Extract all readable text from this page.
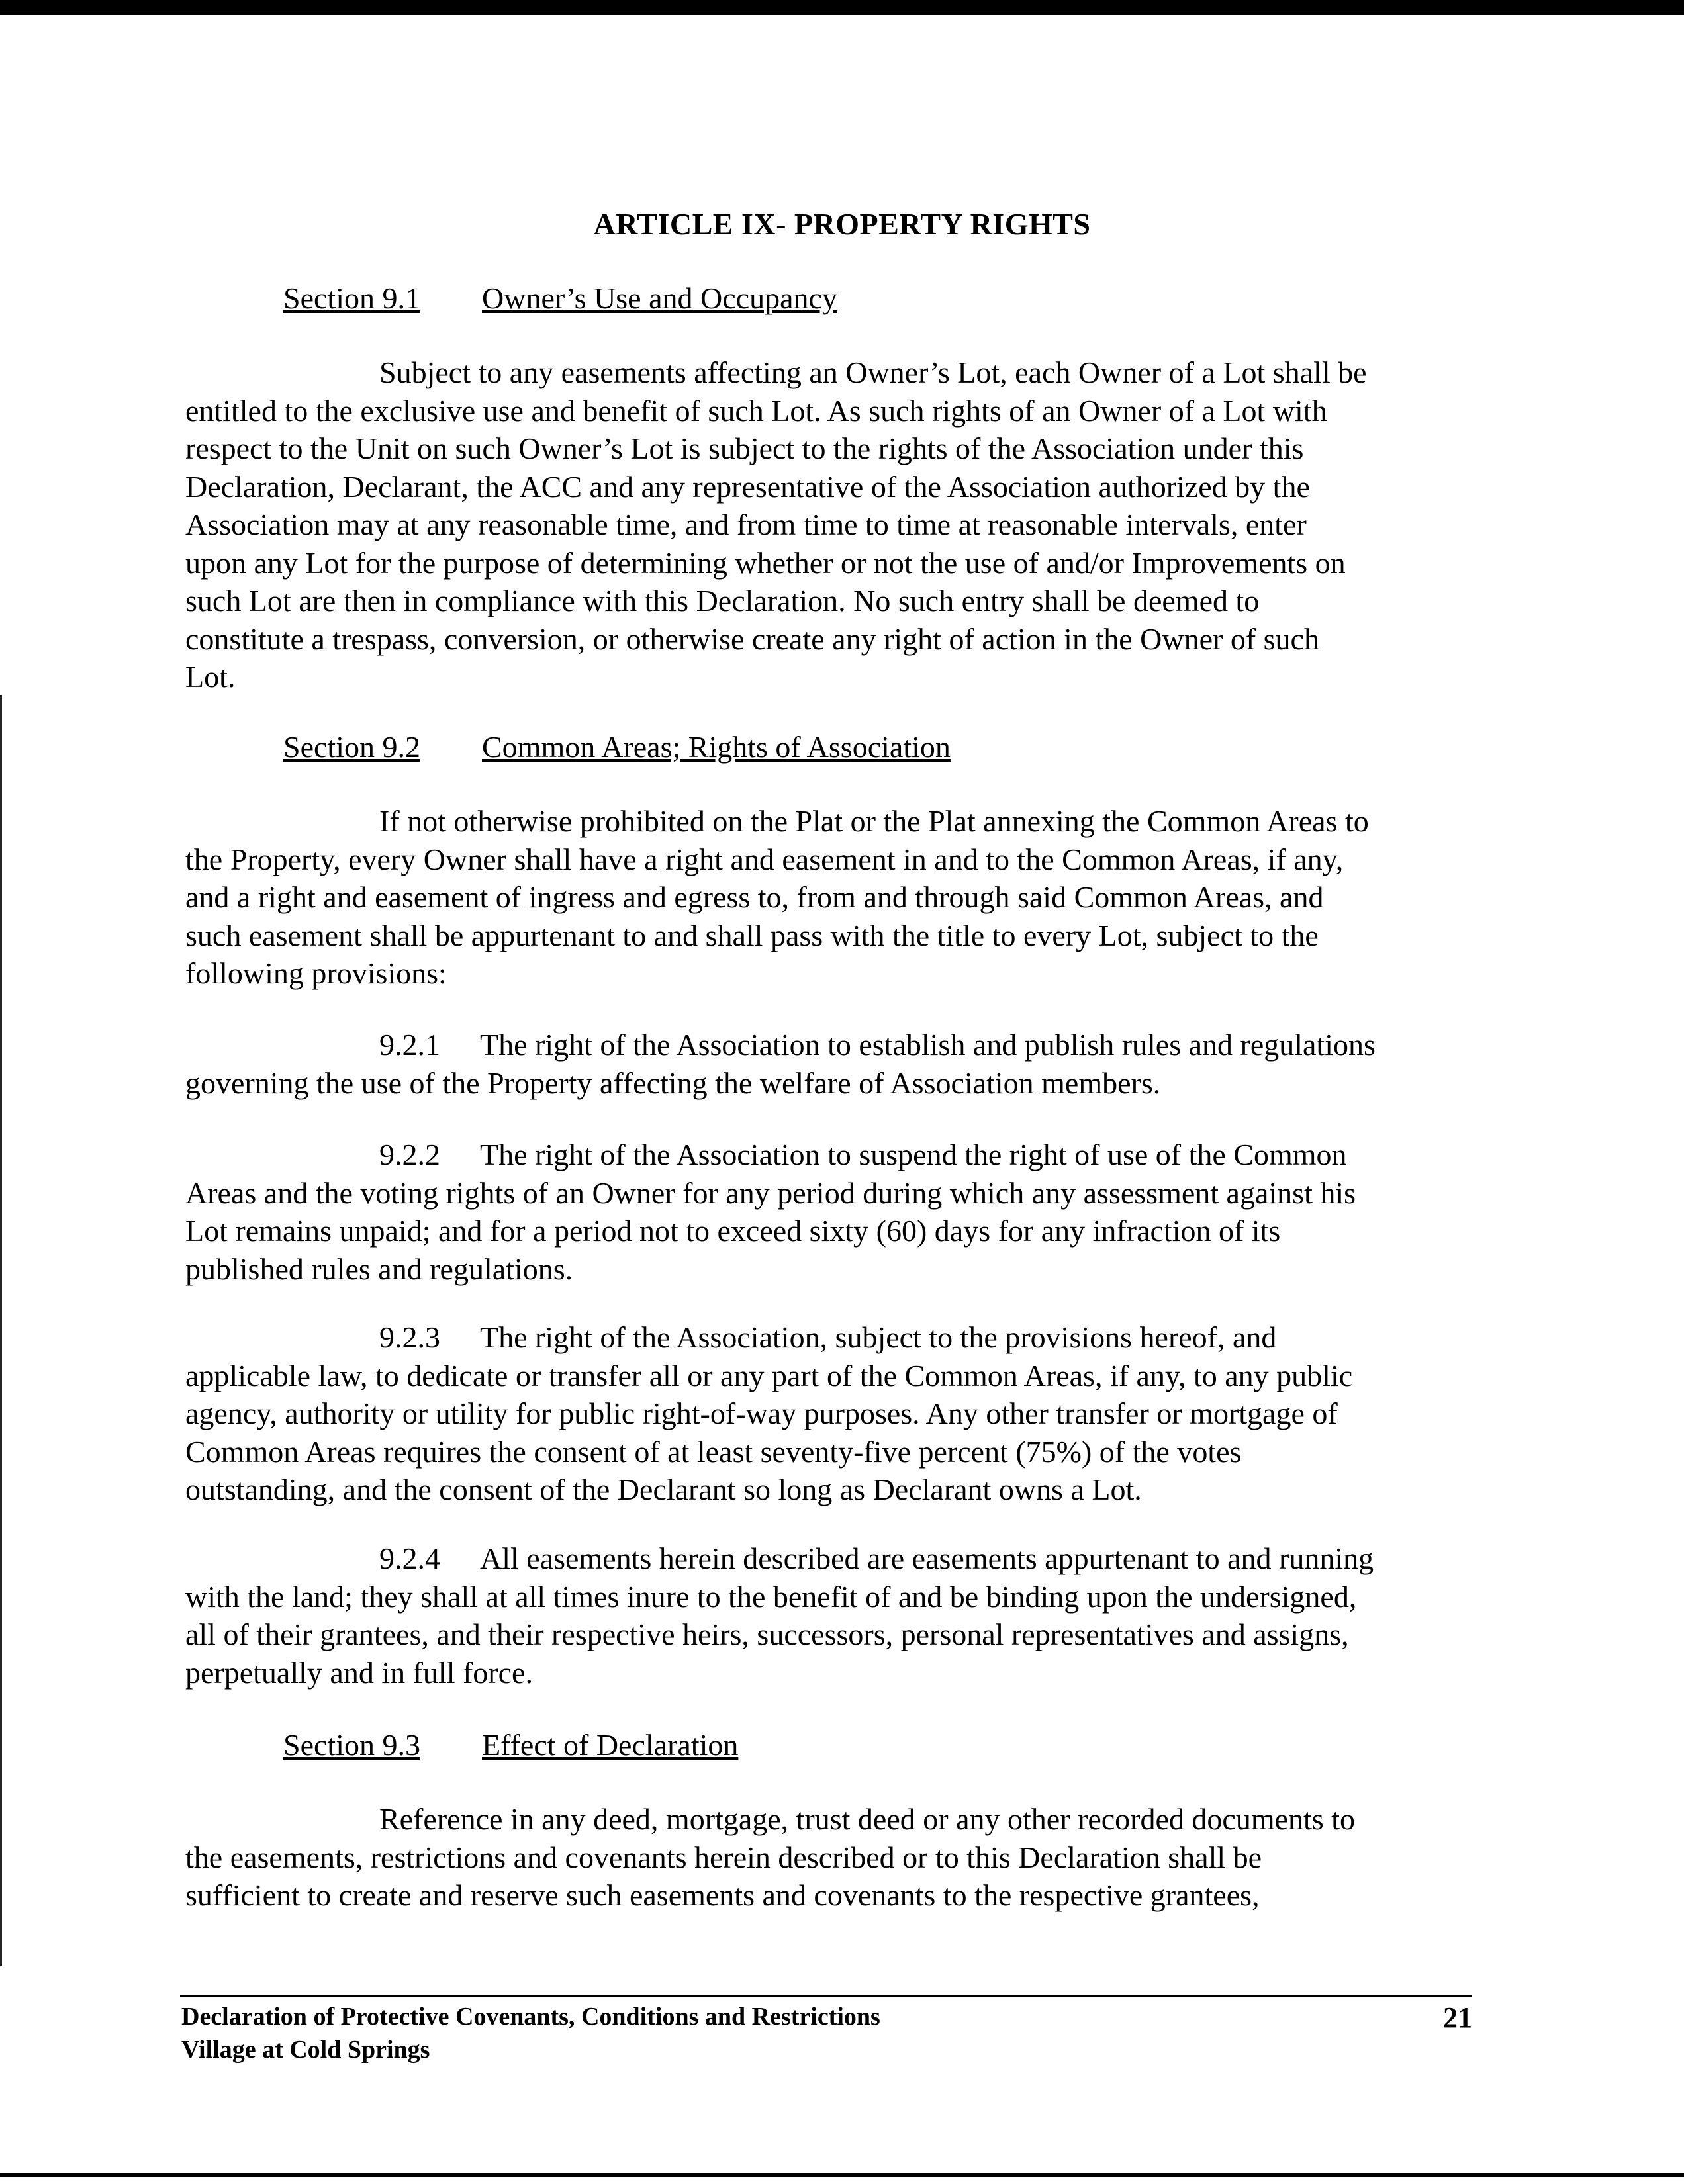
ARTICLE IX- PROPERTY RIGHTS
Section 9.1 Owner’s Use and Occupancy

Subject to any easements affecting an Owner’s Lot, each Owner of a Lot shall be
entitled to the exclusive use and benefit of such Lot. As such rights of an Owner of a Lot with
respect to the Unit on such Owner’s Lot is subject to the rights of the Association under this
Declaration, Declarant, the ACC and any representative of the Association authorized by the
Association may at any reasonable time, and from time to time at reasonable intervals, enter
upon any Lot for the purpose of determining whether or not the use of and/or Improvements on
such Lot are then in compliance with this Declaration. No such entry shall be deemed to
constitute a trespass, conversion, or otherwise create any right of action in the Owner of such
Lot.

Section 9.2 Common Areas; Rights of Association

If not otherwise prohibited on the Plat or the Plat annexing the Common Areas to
the Property, every Owner shall have a right and easement in and to the Common Areas, if any,
and a right and easement of ingress and egress to, from and through said Common Areas, and
such easement shall be appurtenant to and shall pass with the title to every Lot, subject to the
following provisions:

9.2.1 The right of the Association to establish and publish rules and regulations
governing the use of the Property affecting the welfare of Association members.

9.2.2 The right of the Association to suspend the right of use of the Common
Areas and the voting rights of an Owner for any period during which any assessment against his
Lot remains unpaid; and for a period not to exceed sixty (60) days for any infraction of its
published rules and regulations.

9.2.3 The right of the Association, subject to the provisions hereof, and
applicable law, to dedicate or transfer all or any part of the Common Areas, if any, to any public
agency, authority or utility for public right-of-way purposes. Any other transfer or mortgage of
Common Areas requires the consent of at least seventy-five percent (75%) of the votes
outstanding, and the consent of the Declarant so long as Declarant owns a Lot.

9.2.4 All easements herein described are easements appurtenant to and running
with the land; they shall at all times inure to the benefit of and be binding upon the undersigned,
all of their grantees, and their respective heirs, successors, personal representatives and assigns,
perpetually and in full force.

Section 9.3 Effect of Declaration

Reference in any deed, mortgage, trust deed or any other recorded documents to
the easements, restrictions and covenants herein described or to this Declaration shall be
sufficient to create and reserve such easements and covenants to the respective grantees,

Declaration of Protective Covenants, Conditions and Restrictions
Village at Cold Springs
21
